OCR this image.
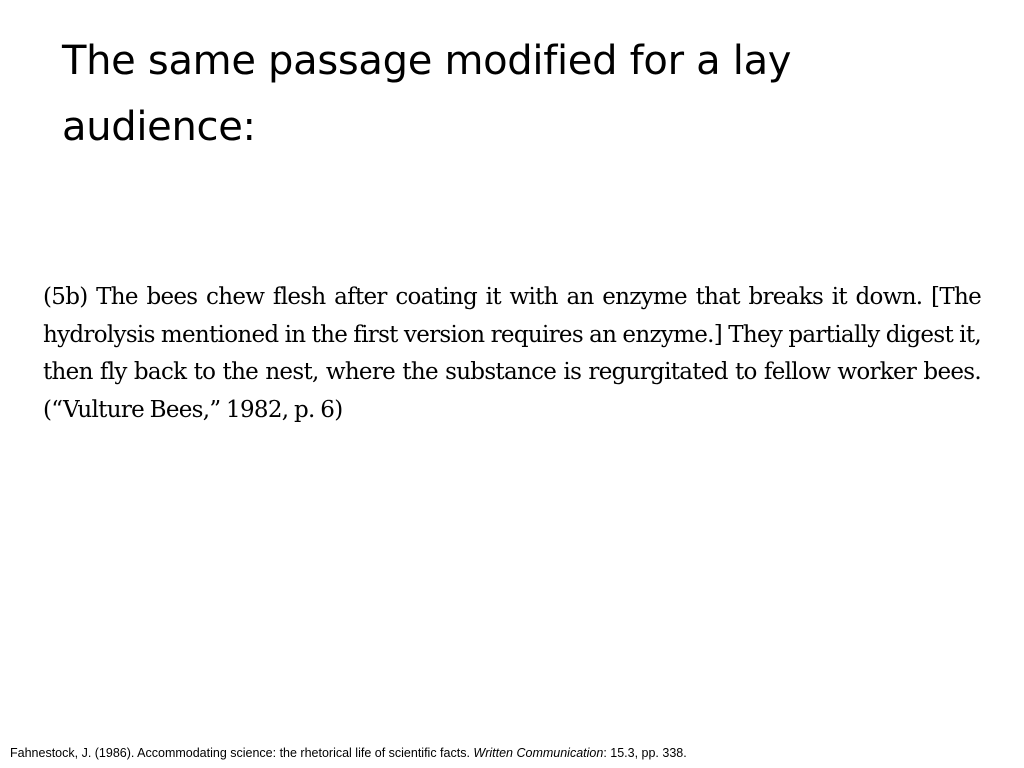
The same passage modified for a lay audience:

(5b) The bees chew flesh after coating it with an enzyme that breaks it down. [The hydrolysis mentioned in the first version requires an enzyme.] They partially digest it, then fly back to the nest, where the substance is regurgitated to fellow worker bees. (“Vulture Bees,” 1982, p. 6)

Fahnestock, J. (1986). Accommodating science: the rhetorical life of scientific facts. Written Communication: 15.3, pp. 338.
